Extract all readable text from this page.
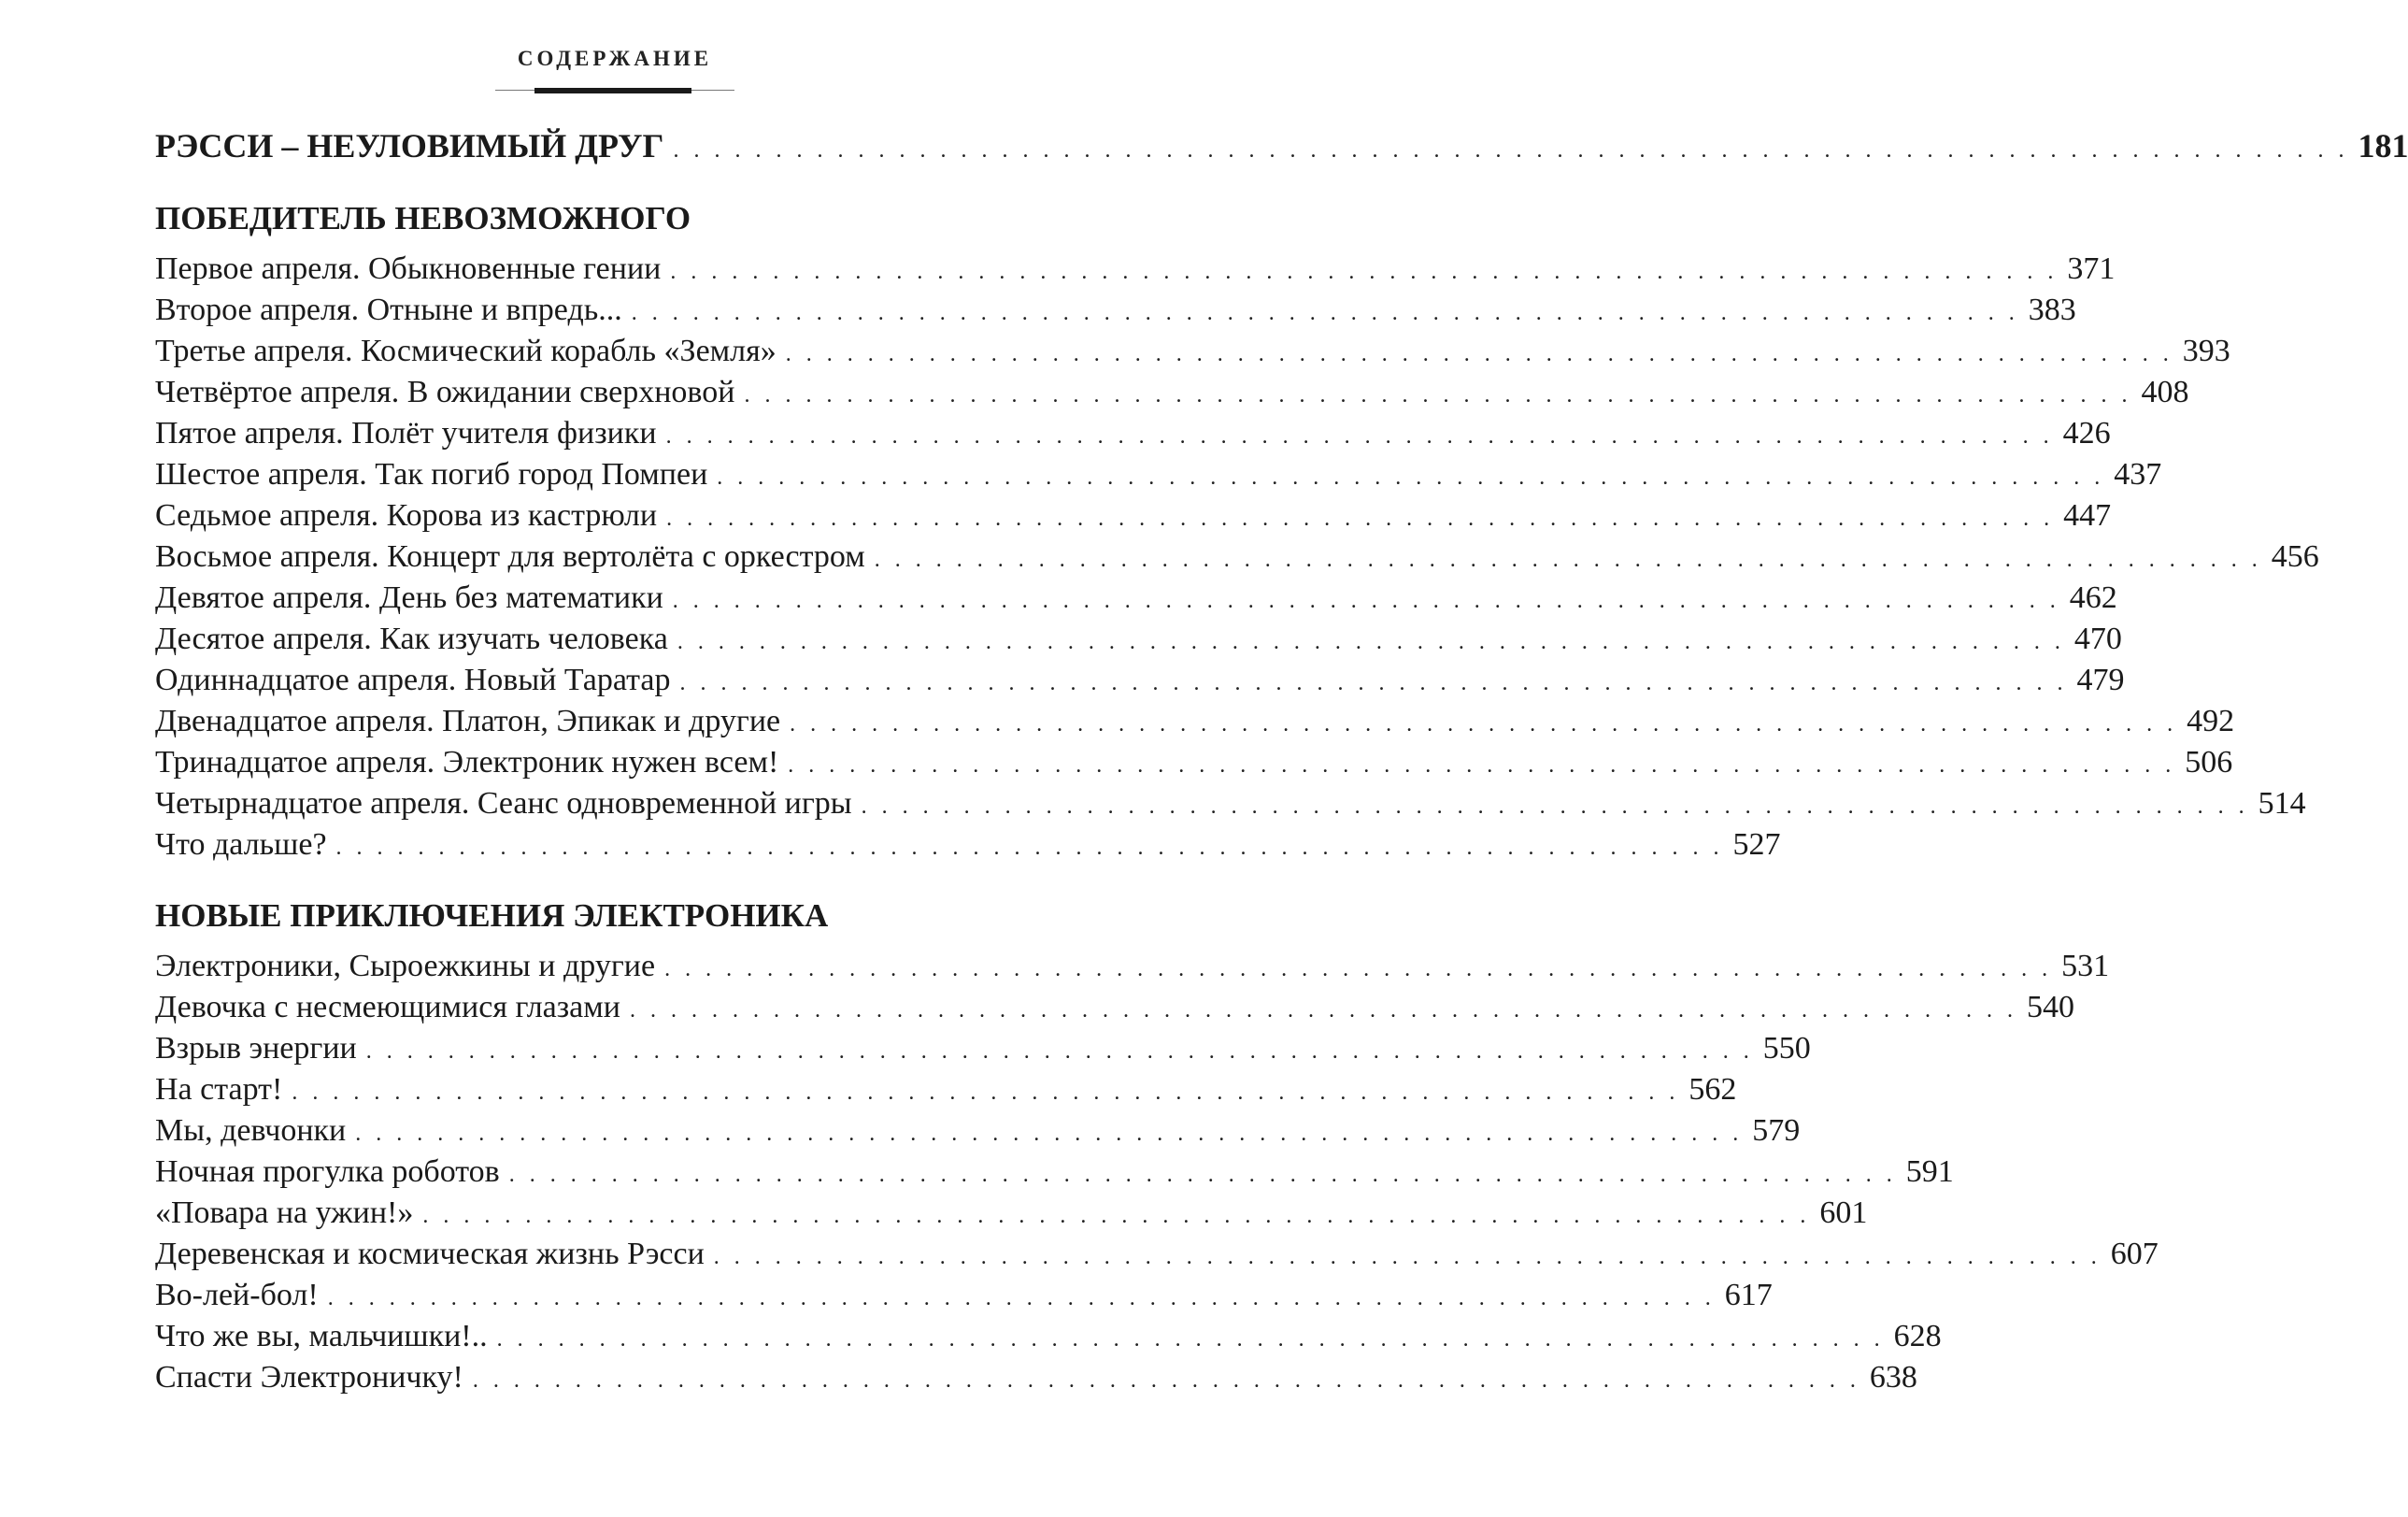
СОДЕРЖАНИЕ
РЭССИ – НЕУЛОВИМЫЙ ДРУГ . . . . . . . . . . . . . . . . . . . . . . . . . . . . . . . . . . . . . . . . . . . . . . . . . . . . . . . . . . . . . . . . . . . . . . . . . . . . . . . . . . 181
ПОБЕДИТЕЛЬ НЕВОЗМОЖНОГО
Первое апреля. Обыкновенные гении . . . . . . . . . . . . . . . . . . . . . . . . . . . . . . . . . . . . . . . . . . . . . . . . . . . . . . . . . . . . . . . . . . . . 371
Второе апреля. Отныне и впредь... . . . . . . . . . . . . . . . . . . . . . . . . . . . . . . . . . . . . . . . . . . . . . . . . . . . . . . . . . . . . . . . . . . . . 383
Третье апреля. Космический корабль «Земля» . . . . . . . . . . . . . . . . . . . . . . . . . . . . . . . . . . . . . . . . . . . . . . . . . . . . . . . . . . . . . . . . . . . . 393
Четвёртое апреля. В ожидании сверхновой . . . . . . . . . . . . . . . . . . . . . . . . . . . . . . . . . . . . . . . . . . . . . . . . . . . . . . . . . . . . . . . . . . . . 408
Пятое апреля. Полёт учителя физики . . . . . . . . . . . . . . . . . . . . . . . . . . . . . . . . . . . . . . . . . . . . . . . . . . . . . . . . . . . . . . . . . . . . 426
Шестое апреля. Так погиб город Помпеи . . . . . . . . . . . . . . . . . . . . . . . . . . . . . . . . . . . . . . . . . . . . . . . . . . . . . . . . . . . . . . . . . . . . 437
Седьмое апреля. Корова из кастрюли . . . . . . . . . . . . . . . . . . . . . . . . . . . . . . . . . . . . . . . . . . . . . . . . . . . . . . . . . . . . . . . . . . . . 447
Восьмое апреля. Концерт для вертолёта с оркестром . . . . . . . . . . . . . . . . . . . . . . . . . . . . . . . . . . . . . . . . . . . . . . . . . . . . . . . . . . . . . . . . . . . . 456
Девятое апреля. День без математики . . . . . . . . . . . . . . . . . . . . . . . . . . . . . . . . . . . . . . . . . . . . . . . . . . . . . . . . . . . . . . . . . . . . 462
Десятое апреля. Как изучать человека . . . . . . . . . . . . . . . . . . . . . . . . . . . . . . . . . . . . . . . . . . . . . . . . . . . . . . . . . . . . . . . . . . . . 470
Одиннадцатое апреля. Новый Таратар . . . . . . . . . . . . . . . . . . . . . . . . . . . . . . . . . . . . . . . . . . . . . . . . . . . . . . . . . . . . . . . . . . . . 479
Двенадцатое апреля. Платон, Эпикак и другие . . . . . . . . . . . . . . . . . . . . . . . . . . . . . . . . . . . . . . . . . . . . . . . . . . . . . . . . . . . . . . . . . . . . 492
Тринадцатое апреля. Электроник нужен всем! . . . . . . . . . . . . . . . . . . . . . . . . . . . . . . . . . . . . . . . . . . . . . . . . . . . . . . . . . . . . . . . . . . . . 506
Четырнадцатое апреля. Сеанс одновременной игры . . . . . . . . . . . . . . . . . . . . . . . . . . . . . . . . . . . . . . . . . . . . . . . . . . . . . . . . . . . . . . . . . . . . 514
Что дальше? . . . . . . . . . . . . . . . . . . . . . . . . . . . . . . . . . . . . . . . . . . . . . . . . . . . . . . . . . . . . . . . . . . . . 527
НОВЫЕ ПРИКЛЮЧЕНИЯ ЭЛЕКТРОНИКА
Электроники, Сыроежкины и другие . . . . . . . . . . . . . . . . . . . . . . . . . . . . . . . . . . . . . . . . . . . . . . . . . . . . . . . . . . . . . . . . . . . . 531
Девочка с несмеющимися глазами . . . . . . . . . . . . . . . . . . . . . . . . . . . . . . . . . . . . . . . . . . . . . . . . . . . . . . . . . . . . . . . . . . . . 540
Взрыв энергии . . . . . . . . . . . . . . . . . . . . . . . . . . . . . . . . . . . . . . . . . . . . . . . . . . . . . . . . . . . . . . . . . . . . 550
На старт! . . . . . . . . . . . . . . . . . . . . . . . . . . . . . . . . . . . . . . . . . . . . . . . . . . . . . . . . . . . . . . . . . . . . 562
Мы, девчонки . . . . . . . . . . . . . . . . . . . . . . . . . . . . . . . . . . . . . . . . . . . . . . . . . . . . . . . . . . . . . . . . . . . . 579
Ночная прогулка роботов . . . . . . . . . . . . . . . . . . . . . . . . . . . . . . . . . . . . . . . . . . . . . . . . . . . . . . . . . . . . . . . . . . . . 591
«Повара на ужин!» . . . . . . . . . . . . . . . . . . . . . . . . . . . . . . . . . . . . . . . . . . . . . . . . . . . . . . . . . . . . . . . . . . . . 601
Деревенская и космическая жизнь Рэсси . . . . . . . . . . . . . . . . . . . . . . . . . . . . . . . . . . . . . . . . . . . . . . . . . . . . . . . . . . . . . . . . . . . . 607
Во-лей-бол! . . . . . . . . . . . . . . . . . . . . . . . . . . . . . . . . . . . . . . . . . . . . . . . . . . . . . . . . . . . . . . . . . . . . 617
Что же вы, мальчишки!.. . . . . . . . . . . . . . . . . . . . . . . . . . . . . . . . . . . . . . . . . . . . . . . . . . . . . . . . . . . . . . . . . . . . . 628
Спасти Электроничку! . . . . . . . . . . . . . . . . . . . . . . . . . . . . . . . . . . . . . . . . . . . . . . . . . . . . . . . . . . . . . . . . . . . . 638
